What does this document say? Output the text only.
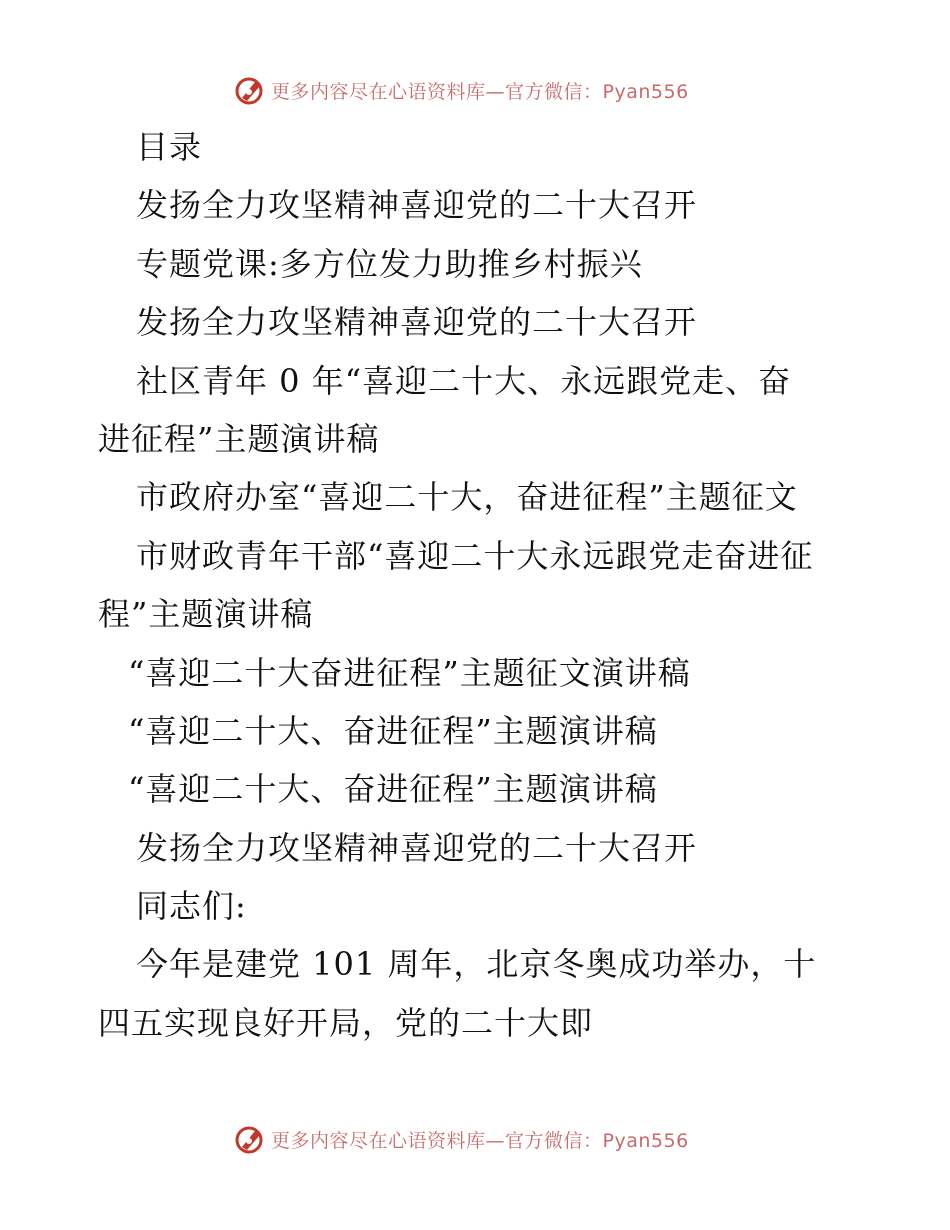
更多内容尽在心语资料库—官方微信：Pyan556
目录
发扬全力攻坚精神喜迎党的二十大召开
专题党课:多方位发力助推乡村振兴
发扬全力攻坚精神喜迎党的二十大召开
社区青年 0 年“喜迎二十大、永远跟党走、奋
进征程”主题演讲稿
市政府办室“喜迎二十大，奋进征程”主题征文
市财政青年干部“喜迎二十大永远跟党走奋进征
程”主题演讲稿
“喜迎二十大奋进征程”主题征文演讲稿
“喜迎二十大、奋进征程”主题演讲稿
“喜迎二十大、奋进征程”主题演讲稿
发扬全力攻坚精神喜迎党的二十大召开
同志们:
今年是建党 101 周年，北京冬奥成功举办，十
四五实现良好开局，党的二十大即
更多内容尽在心语资料库—官方微信：Pyan556
